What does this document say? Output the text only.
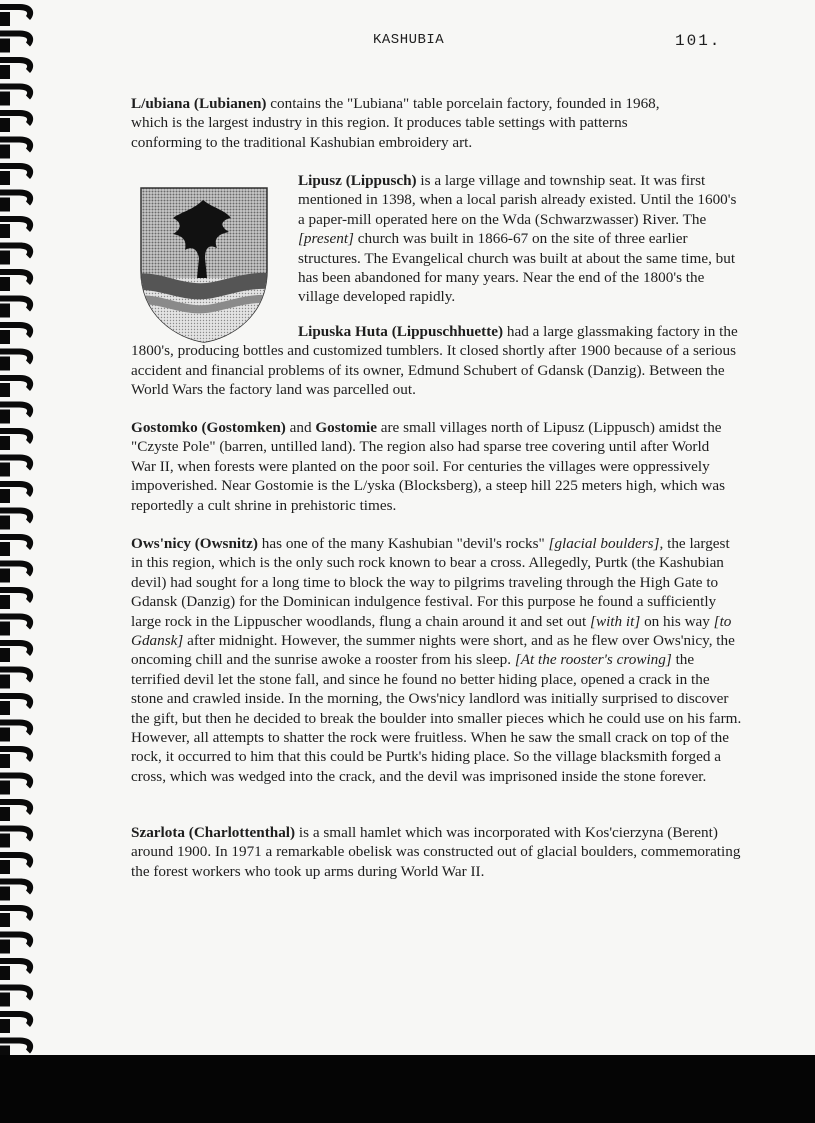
KASHUBIA	101.

L/ubiana (Lubianen) contains the "Lubiana" table porcelain factory, founded in 1968, which is the largest industry in this region. It produces table settings with patterns conforming to the traditional Kashubian embroidery art.

Lipusz (Lippusch) is a large village and township seat. It was first mentioned in 1398, when a local parish already existed. Until the 1600's a paper-mill operated here on the Wda (Schwarzwasser) River. The [present] church was built in 1866-67 on the site of three earlier structures. The Evangelical church was built at about the same time, but has been abandoned for many years. Near the end of the 1800's the village developed rapidly.

Lipuska Huta (Lippuschhuette) had a large glassmaking factory in the 1800's, producing bottles and customized tumblers. It closed shortly after 1900 because of a serious accident and financial problems of its owner, Edmund Schubert of Gdansk (Danzig). Between the World Wars the factory land was parcelled out.

Gostomko (Gostomken) and Gostomie are small villages north of Lipusz (Lippusch) amidst the "Czyste Pole" (barren, untilled land). The region also had sparse tree covering until after World War II, when forests were planted on the poor soil. For centuries the villages were oppressively impoverished. Near Gostomie is the L/yska (Blocksberg), a steep hill 225 meters high, which was reportedly a cult shrine in prehistoric times.

Ows'nicy (Owsnitz) has one of the many Kashubian "devil's rocks" [glacial boulders], the largest in this region, which is the only such rock known to bear a cross. Allegedly, Purtk (the Kashubian devil) had sought for a long time to block the way to pilgrims traveling through the High Gate to Gdansk (Danzig) for the Dominican indulgence festival. For this purpose he found a sufficiently large rock in the Lippuscher woodlands, flung a chain around it and set out [with it] on his way [to Gdansk] after midnight. However, the summer nights were short, and as he flew over Ows'nicy, the oncoming chill and the sunrise awoke a rooster from his sleep. [At the rooster's crowing] the terrified devil let the stone fall, and since he found no better hiding place, opened a crack in the stone and crawled inside. In the morning, the Ows'nicy landlord was initially surprised to discover the gift, but then he decided to break the boulder into smaller pieces which he could use on his farm. However, all attempts to shatter the rock were fruitless. When he saw the small crack on top of the rock, it occurred to him that this could be Purtk's hiding place. So the village blacksmith forged a cross, which was wedged into the crack, and the devil was imprisoned inside the stone forever.

Szarlota (Charlottenthal) is a small hamlet which was incorporated with Kos'cierzyna (Berent) around 1900. In 1971 a remarkable obelisk was constructed out of glacial boulders, commemorating the forest workers who took up arms during World War II.
